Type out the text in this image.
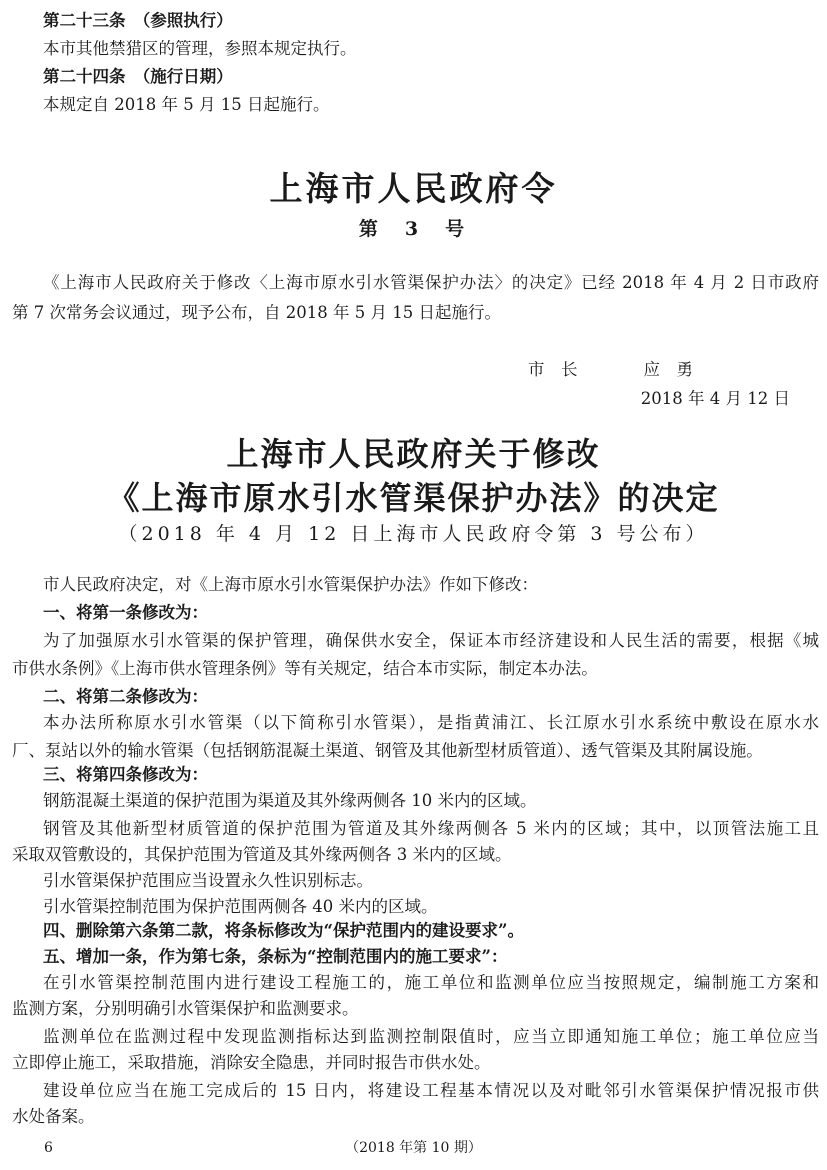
第二十三条　（参照执行）
本市其他禁猎区的管理，参照本规定执行。
第二十四条　（施行日期）
本规定自 2018 年 5 月 15 日起施行。
上海市人民政府令
第　3　号
《上海市人民政府关于修改〈上海市原水引水管渠保护办法〉的决定》已经 2018 年 4 月 2 日市政府
第 7 次常务会议通过，现予公布，自 2018 年 5 月 15 日起施行。
市　长　　　　应　勇
2018 年 4 月 12 日
上海市人民政府关于修改
《上海市原水引水管渠保护办法》的决定
（2018 年 4 月 12 日上海市人民政府令第 3 号公布）
市人民政府决定，对《上海市原水引水管渠保护办法》作如下修改：
一、将第一条修改为：
为了加强原水引水管渠的保护管理，确保供水安全，保证本市经济建设和人民生活的需要，根据《城
市供水条例》《上海市供水管理条例》等有关规定，结合本市实际，制定本办法。
二、将第二条修改为：
本办法所称原水引水管渠（以下简称引水管渠），是指黄浦江、长江原水引水系统中敷设在原水水
厂、泵站以外的输水管渠（包括钢筋混凝土渠道、钢管及其他新型材质管道）、透气管渠及其附属设施。
三、将第四条修改为：
钢筋混凝土渠道的保护范围为渠道及其外缘两侧各 10 米内的区域。
钢管及其他新型材质管道的保护范围为管道及其外缘两侧各 5 米内的区域；其中，以顶管法施工且
采取双管敷设的，其保护范围为管道及其外缘两侧各 3 米内的区域。
引水管渠保护范围应当设置永久性识别标志。
引水管渠控制范围为保护范围两侧各 40 米内的区域。
四、删除第六条第二款，将条标修改为“保护范围内的建设要求”。
五、增加一条，作为第七条，条标为“控制范围内的施工要求”：
在引水管渠控制范围内进行建设工程施工的，施工单位和监测单位应当按照规定，编制施工方案和
监测方案，分别明确引水管渠保护和监测要求。
监测单位在监测过程中发现监测指标达到监测控制限值时，应当立即通知施工单位；施工单位应当
立即停止施工，采取措施，消除安全隐患，并同时报告市供水处。
建设单位应当在施工完成后的 15 日内，将建设工程基本情况以及对毗邻引水管渠保护情况报市供
水处备案。
6	（2018 年第 10 期）
